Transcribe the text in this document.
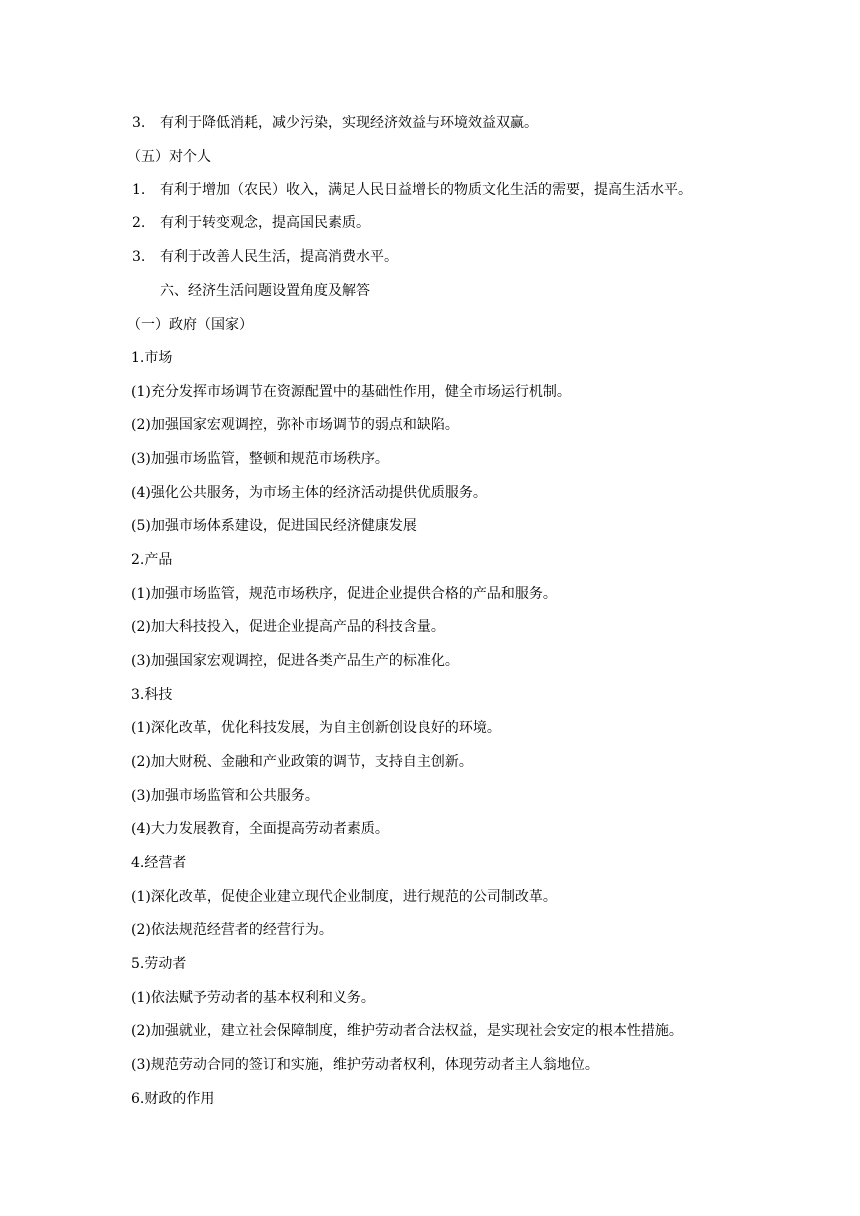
3. 有利于降低消耗，减少污染，实现经济效益与环境效益双赢。
（五）对个人
1. 有利于增加（农民）收入，满足人民日益增长的物质文化生活的需要，提高生活水平。
2. 有利于转变观念，提高国民素质。
3. 有利于改善人民生活，提高消费水平。
六、经济生活问题设置角度及解答
（一）政府（国家）
1.市场
(1)充分发挥市场调节在资源配置中的基础性作用，健全市场运行机制。
(2)加强国家宏观调控，弥补市场调节的弱点和缺陷。
(3)加强市场监管，整顿和规范市场秩序。
(4)强化公共服务，为市场主体的经济活动提供优质服务。
(5)加强市场体系建设，促进国民经济健康发展
2.产品
(1)加强市场监管，规范市场秩序，促进企业提供合格的产品和服务。
(2)加大科技投入，促进企业提高产品的科技含量。
(3)加强国家宏观调控，促进各类产品生产的标准化。
3.科技
(1)深化改革，优化科技发展，为自主创新创设良好的环境。
(2)加大财税、金融和产业政策的调节，支持自主创新。
(3)加强市场监管和公共服务。
(4)大力发展教育，全面提高劳动者素质。
4.经营者
(1)深化改革，促使企业建立现代企业制度，进行规范的公司制改革。
(2)依法规范经营者的经营行为。
5.劳动者
(1)依法赋予劳动者的基本权利和义务。
(2)加强就业，建立社会保障制度，维护劳动者合法权益，是实现社会安定的根本性措施。
(3)规范劳动合同的签订和实施，维护劳动者权利，体现劳动者主人翁地位。
6.财政的作用
